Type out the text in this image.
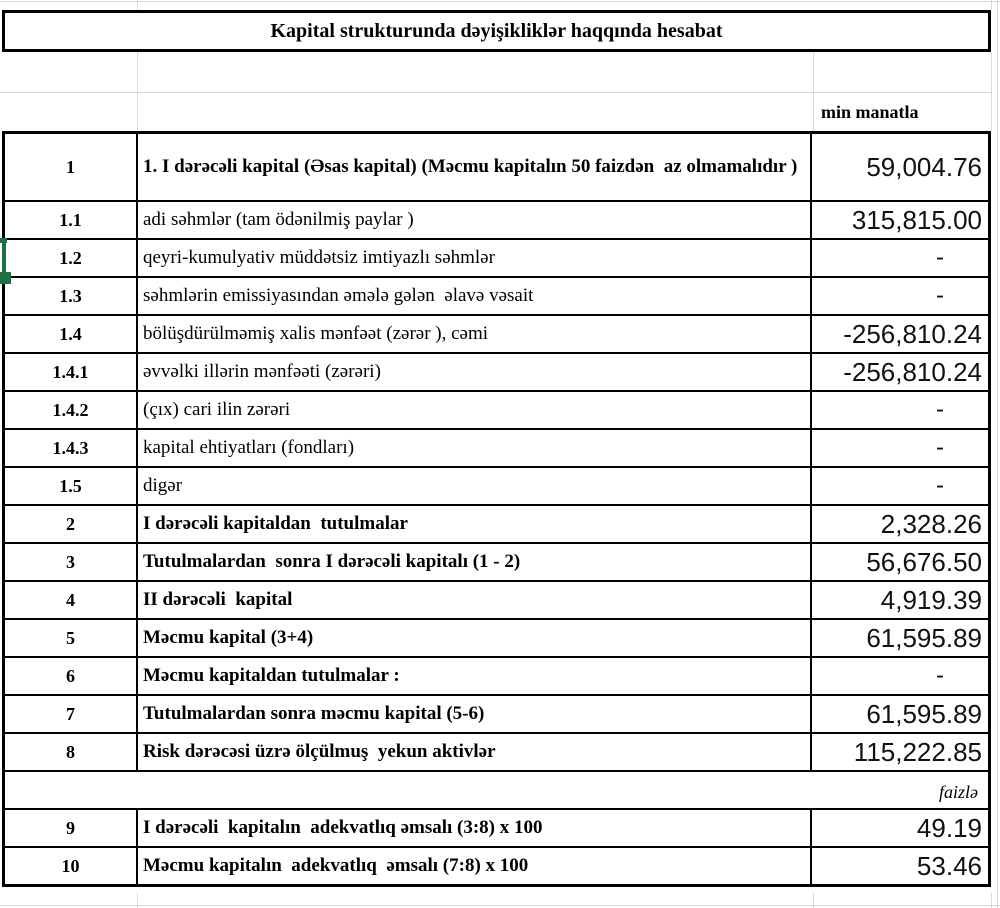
Kapital strukturunda dəyişikliklər haqqında hesabat
min manatla
1	1. I dərəcəli kapital (Əsas kapital) (Məcmu kapitalın 50 faizdən  az olmamalıdır )	59,004.76
1.1	adi səhmlər (tam ödənilmiş paylar )	315,815.00
1.2	qeyri-kumulyativ müddətsiz imtiyazlı səhmlər	-
1.3	səhmlərin emissiyasından əmələ gələn  əlavə vəsait	-
1.4	bölüşdürülməmiş xalis mənfəət (zərər ), cəmi	-256,810.24
1.4.1	əvvəlki illərin mənfəəti (zərəri)	-256,810.24
1.4.2	(çıx) cari ilin zərəri	-
1.4.3	kapital ehtiyatları (fondları)	-
1.5	digər	-
2	I dərəcəli kapitaldan  tutulmalar	2,328.26
3	Tutulmalardan  sonra I dərəcəli kapitalı (1 - 2)	56,676.50
4	II dərəcəli  kapital	4,919.39
5	Məcmu kapital (3+4)	61,595.89
6	Məcmu kapitaldan tutulmalar :	-
7	Tutulmalardan sonra məcmu kapital (5-6)	61,595.89
8	Risk dərəcəsi üzrə ölçülmuş  yekun aktivlər	115,222.85
faizlə
9	I dərəcəli  kapitalın  adekvatlıq əmsalı (3:8) x 100	49.19
10	Məcmu kapitalın  adekvatlıq  əmsalı (7:8) x 100	53.46
